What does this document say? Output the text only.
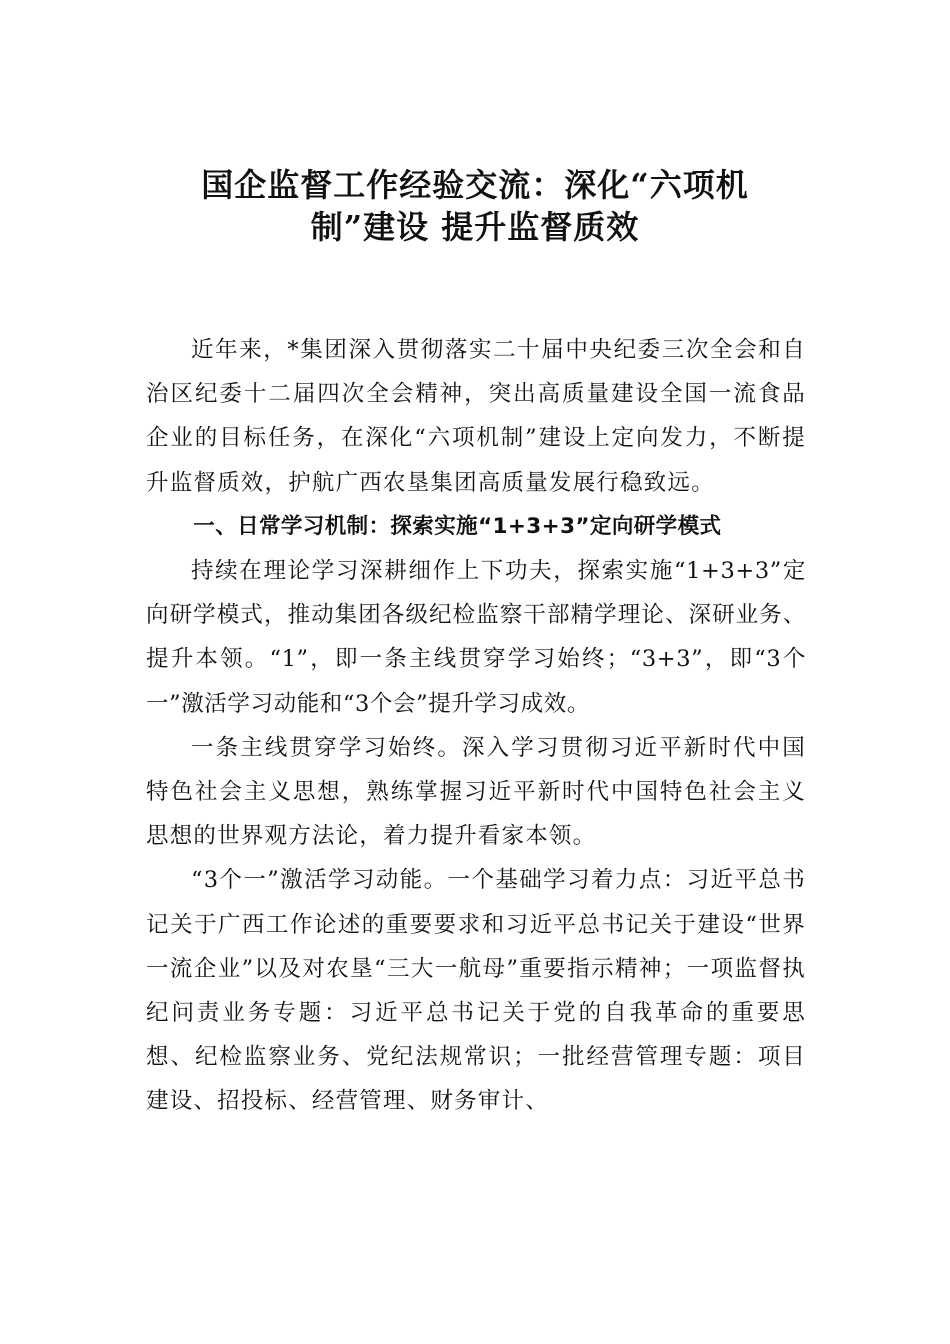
国企监督工作经验交流：深化“六项机
制”建设 提升监督质效

近年来，*集团深入贯彻落实二十届中央纪委三次全会和自治区纪委十二届四次全会精神，突出高质量建设全国一流食品企业的目标任务，在深化“六项机制”建设上定向发力，不断提升监督质效，护航广西农垦集团高质量发展行稳致远。

一、日常学习机制：探索实施“1+3+3”定向研学模式

持续在理论学习深耕细作上下功夫，探索实施“1+3+3”定向研学模式，推动集团各级纪检监察干部精学理论、深研业务、提升本领。“1”，即一条主线贯穿学习始终；“3+3”，即“3个一”激活学习动能和“3个会”提升学习成效。

一条主线贯穿学习始终。深入学习贯彻习近平新时代中国特色社会主义思想，熟练掌握习近平新时代中国特色社会主义思想的世界观方法论，着力提升看家本领。

“3个一”激活学习动能。一个基础学习着力点：习近平总书记关于广西工作论述的重要要求和习近平总书记关于建设“世界一流企业”以及对农垦“三大一航母”重要指示精神；一项监督执纪问责业务专题：习近平总书记关于党的自我革命的重要思想、纪检监察业务、党纪法规常识；一批经营管理专题：项目建设、招投标、经营管理、财务审计、
